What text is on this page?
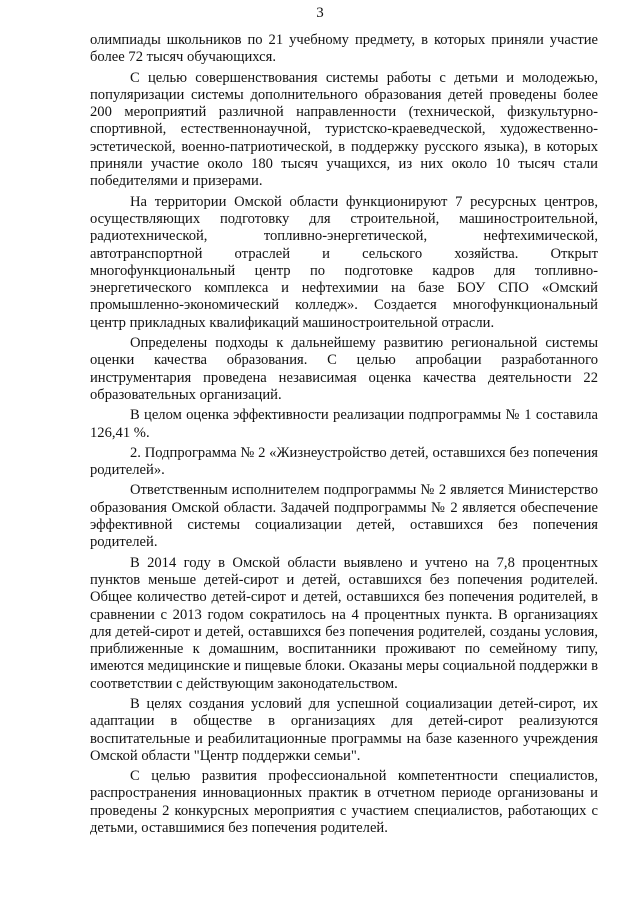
3

олимпиады школьников по 21 учебному предмету, в которых приняли участие более 72 тысяч обучающихся.

С целью совершенствования системы работы с детьми и молодежью, популяризации системы дополнительного образования детей проведены более 200 мероприятий различной направленности (технической, физкультурно-спортивной, естественнонаучной, туристско-краеведческой, художественно-эстетической, военно-патриотической, в поддержку русского языка), в которых приняли участие около 180 тысяч учащихся, из них около 10 тысяч стали победителями и призерами.

На территории Омской области функционируют 7 ресурсных центров, осуществляющих подготовку для строительной, машиностроительной, радиотехнической, топливно-энергетической, нефтехимической, автотранспортной отраслей и сельского хозяйства. Открыт многофункциональный центр по подготовке кадров для топливно-энергетического комплекса и нефтехимии на базе БОУ СПО «Омский промышленно-экономический колледж». Создается многофункциональный центр прикладных квалификаций машиностроительной отрасли.

Определены подходы к дальнейшему развитию региональной системы оценки качества образования. С целью апробации разработанного инструментария проведена независимая оценка качества деятельности 22 образовательных организаций.

В целом оценка эффективности реализации подпрограммы № 1 составила 126,41 %.

2. Подпрограмма № 2 «Жизнеустройство детей, оставшихся без попечения родителей».

Ответственным исполнителем подпрограммы № 2 является Министерство образования Омской области. Задачей подпрограммы № 2 является обеспечение эффективной системы социализации детей, оставшихся без попечения родителей.

В 2014 году в Омской области выявлено и учтено на 7,8 процентных пунктов меньше детей-сирот и детей, оставшихся без попечения родителей. Общее количество детей-сирот и детей, оставшихся без попечения родителей, в сравнении с 2013 годом сократилось на 4 процентных пункта. В организациях для детей-сирот и детей, оставшихся без попечения родителей, созданы условия, приближенные к домашним, воспитанники проживают по семейному типу, имеются медицинские и пищевые блоки. Оказаны меры социальной поддержки в соответствии с действующим законодательством.

В целях создания условий для успешной социализации детей-сирот, их адаптации в обществе в организациях для детей-сирот реализуются воспитательные и реабилитационные программы на базе казенного учреждения Омской области "Центр поддержки семьи".

С целью развития профессиональной компетентности специалистов, распространения инновационных практик в отчетном периоде организованы и проведены 2 конкурсных мероприятия с участием специалистов, работающих с детьми, оставшимися без попечения родителей.
